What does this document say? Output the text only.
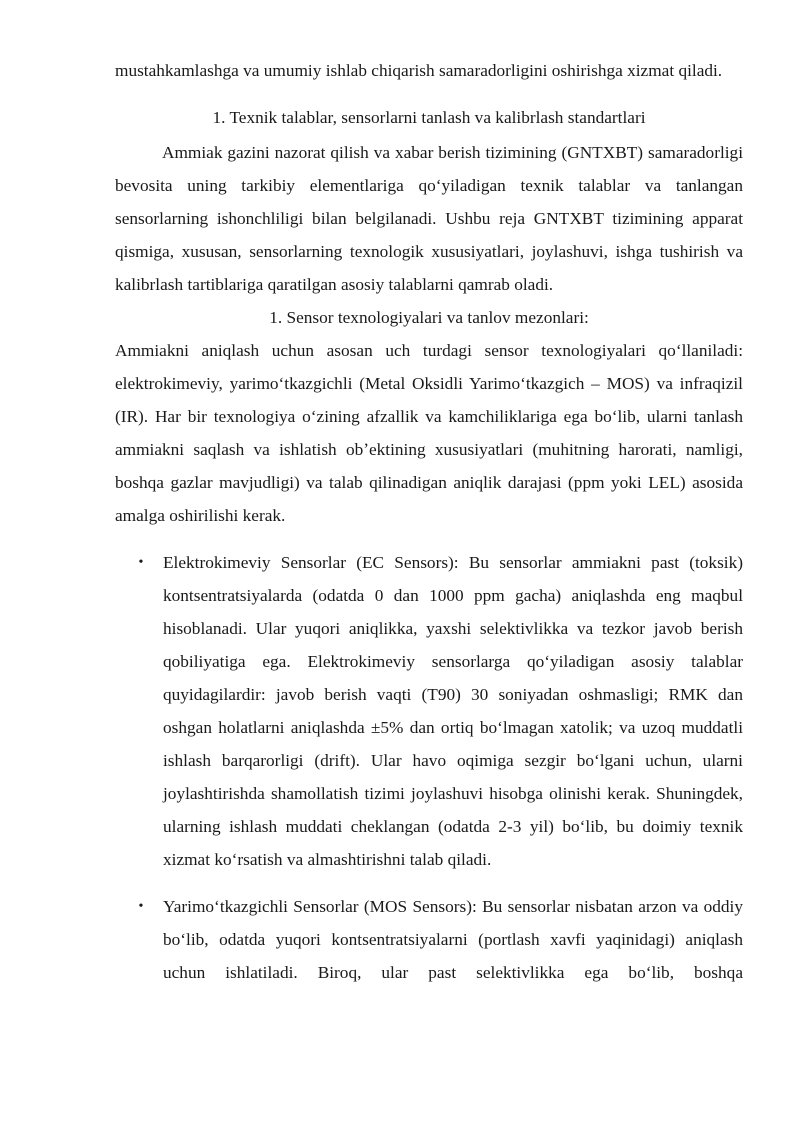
mustahkamlashga va umumiy ishlab chiqarish samaradorligini oshirishga xizmat qiladi.

1. Texnik talablar, sensorlarni tanlash va kalibrlash standartlari

Ammiak gazini nazorat qilish va xabar berish tizimining (GNTXBT) samaradorligi bevosita uning tarkibiy elementlariga qoʻyiladigan texnik talablar va tanlangan sensorlarning ishonchliligi bilan belgilanadi. Ushbu reja GNTXBT tizimining apparat qismiga, xususan, sensorlarning texnologik xususiyatlari, joylashuvi, ishga tushirish va kalibrlash tartiblariga qaratilgan asosiy talablarni qamrab oladi.

1. Sensor texnologiyalari va tanlov mezonlari:

Ammiakni aniqlash uchun asosan uch turdagi sensor texnologiyalari qoʻllaniladi: elektrokimeviy, yarimoʻtkazgichli (Metal Oksidli Yarimoʻtkazgich – MOS) va infraqizil (IR). Har bir texnologiya oʻzining afzallik va kamchiliklariga ega boʻlib, ularni tanlash ammiakni saqlash va ishlatish obʼektining xususiyatlari (muhitning harorati, namligi, boshqa gazlar mavjudligi) va talab qilinadigan aniqlik darajasi (ppm yoki LEL) asosida amalga oshirilishi kerak.

• Elektrokimeviy Sensorlar (EC Sensors): Bu sensorlar ammiakni past (toksik) kontsentratsiyalarda (odatda 0 dan 1000 ppm gacha) aniqlashda eng maqbul hisoblanadi. Ular yuqori aniqlikka, yaxshi selektivlikka va tezkor javob berish qobiliyatiga ega. Elektrokimeviy sensorlarga qoʻyiladigan asosiy talablar quyidagilardir: javob berish vaqti (T90) 30 soniyadan oshmasligi; RMK dan oshgan holatlarni aniqlashda ±5% dan ortiq boʻlmagan xatolik; va uzoq muddatli ishlash barqarorligi (drift). Ular havo oqimiga sezgir boʻlgani uchun, ularni joylashtirishda shamollatish tizimi joylashuvi hisobga olinishi kerak. Shuningdek, ularning ishlash muddati cheklangan (odatda 2-3 yil) boʻlib, bu doimiy texnik xizmat koʻrsatish va almashtirishni talab qiladi.

• Yarimoʻtkazgichli Sensorlar (MOS Sensors): Bu sensorlar nisbatan arzon va oddiy boʻlib, odatda yuqori kontsentratsiyalarni (portlash xavfi yaqinidagi) aniqlash uchun ishlatiladi. Biroq, ular past selektivlikka ega boʻlib, boshqa
